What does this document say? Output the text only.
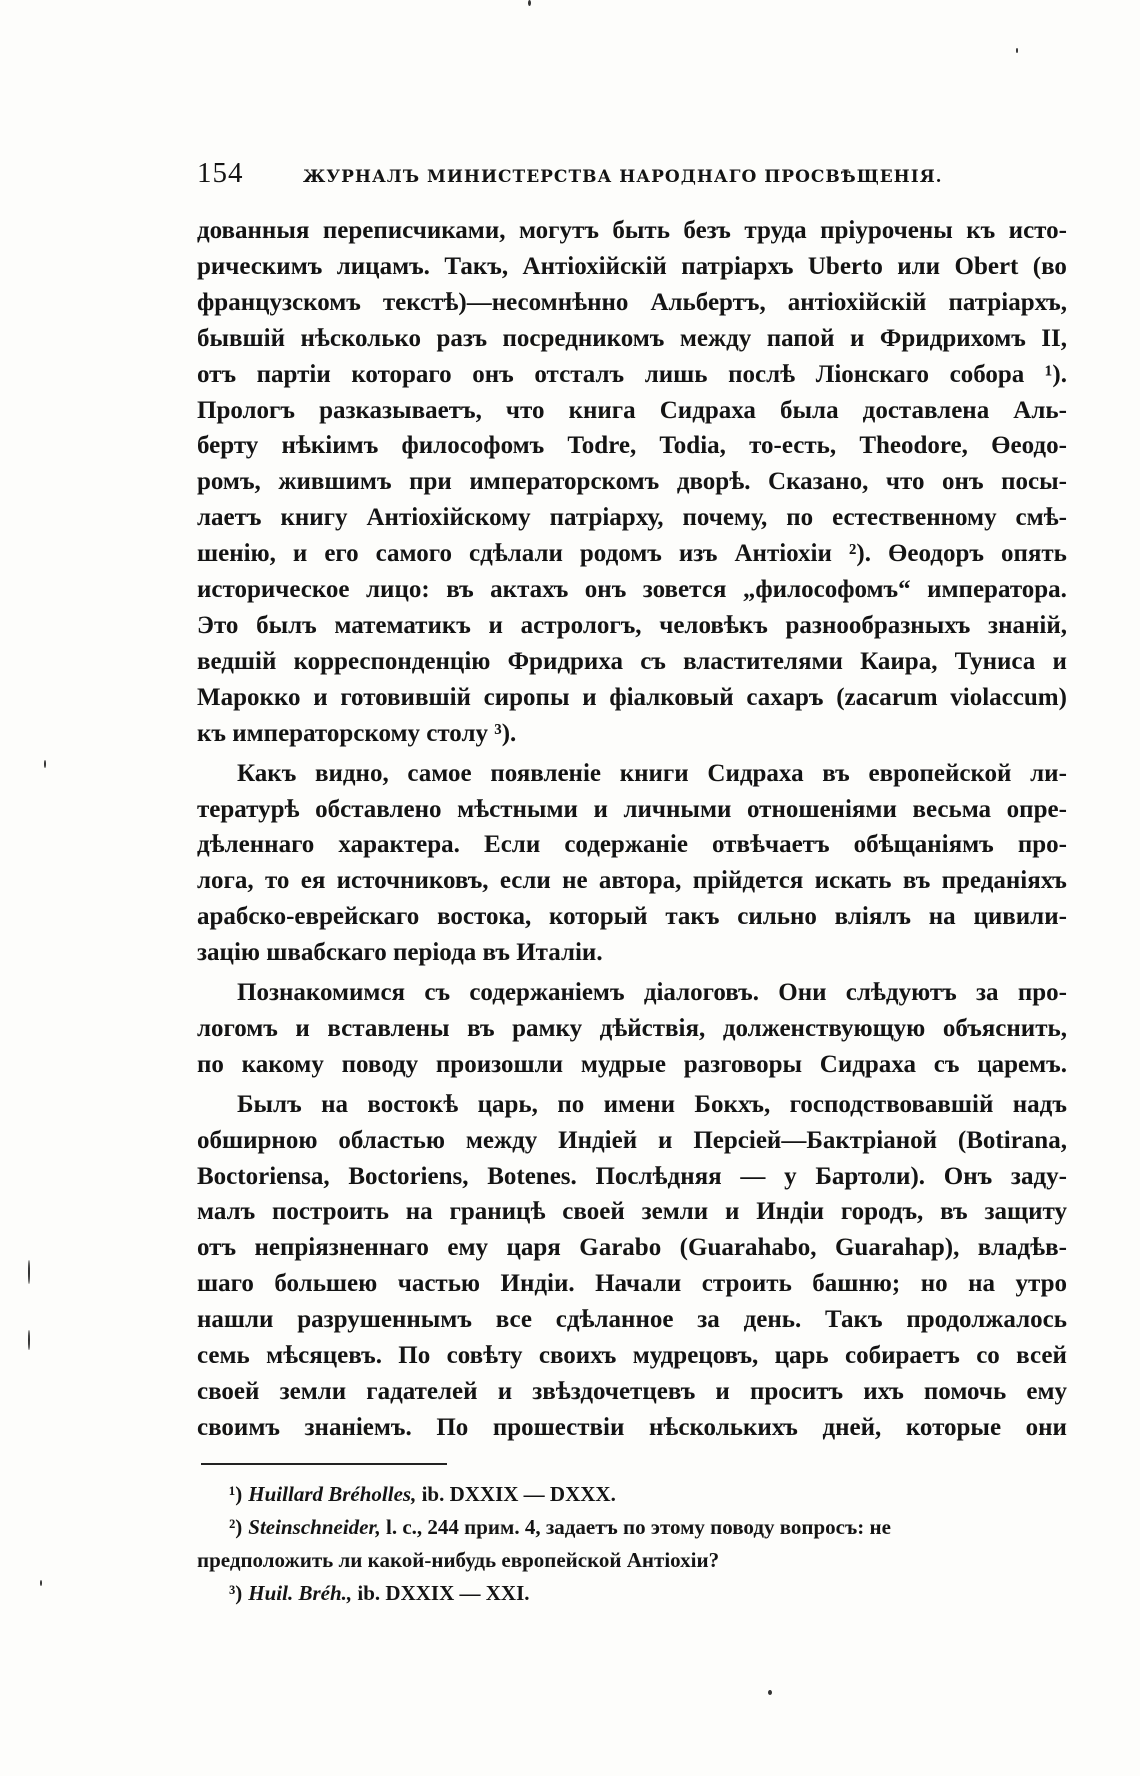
154	ЖУРНАЛЪ МИНИСТЕРСТВА НАРОДНАГО ПРОСВѢЩЕНІЯ.
дованныя переписчиками, могутъ быть безъ труда пріурочены къ исто-
рическимъ лицамъ. Такъ, Антіохійскій патріархъ Uberto или Obert (во
французскомъ текстѣ)—несомнѣнно Альбертъ, антіохійскій патріархъ,
бывшій нѣсколько разъ посредникомъ между папой и Фридрихомъ II,
отъ партіи котораго онъ отсталъ лишь послѣ Ліонскаго собора ¹).
Прологъ разказываетъ, что книга Сидраха была доставлена Аль-
берту нѣкіимъ философомъ Todre, Todia, то-есть, Theodore, Өеодо-
ромъ, жившимъ при императорскомъ дворѣ. Сказано, что онъ посы-
лаетъ книгу Антіохійскому патріарху, почему, по естественному смѣ-
шенію, и его самого сдѣлали родомъ изъ Антіохіи ²). Өеодоръ опять
историческое лицо: въ актахъ онъ зовется „философомъ“ императора.
Это былъ математикъ и астрологъ, человѣкъ разнообразныхъ знаній,
ведшій корреспонденцію Фридриха съ властителями Каира, Туниса и
Марокко и готовившій сиропы и фіалковый сахаръ (zacarum violaccum)
къ императорскому столу ³).
Какъ видно, самое появленіе книги Сидраха въ европейской ли-
тературѣ обставлено мѣстными и личными отношеніями весьма опре-
дѣленнаго характера. Если содержаніе отвѣчаетъ обѣщаніямъ про-
лога, то ея источниковъ, если не автора, прійдется искать въ преданіяхъ
арабско-еврейскаго востока, который такъ сильно вліялъ на цивили-
зацію швабскаго періода въ Италіи.
Познакомимся съ содержаніемъ діалоговъ. Они слѣдуютъ за про-
логомъ и вставлены въ рамку дѣйствія, долженствующую объяснить,
по какому поводу произошли мудрые разговоры Сидраха съ царемъ.
Былъ на востокѣ царь, по имени Бокхъ, господствовавшій надъ
обширною областью между Индіей и Персіей—Бактріаной (Botirana,
Boctoriensa, Boctoriens, Botenes. Послѣдняя — у Бартоли). Онъ заду-
малъ построить на границѣ своей земли и Индіи городъ, въ защиту
отъ непріязненнаго ему царя Garabo (Guarahabo, Guarahap), владѣв-
шаго большею частью Индіи. Начали строить башню; но на утро
нашли разрушеннымъ все сдѣланное за день. Такъ продолжалось
семь мѣсяцевъ. По совѣту своихъ мудрецовъ, царь собираетъ со всей
своей земли гадателей и звѣздочетцевъ и проситъ ихъ помочь ему
своимъ знаніемъ. По прошествіи нѣсколькихъ дней, которые они
¹) Huillard Bréholles,
ib. DXXIX — DXXX.
²) Steinschneider,
l. c., 244 прим. 4, задаетъ по этому поводу вопросъ: не
предположить ли какой-нибудь европейской Антіохіи?
³) Huil. Bréh.,
ib. DXXIX — XXI.
